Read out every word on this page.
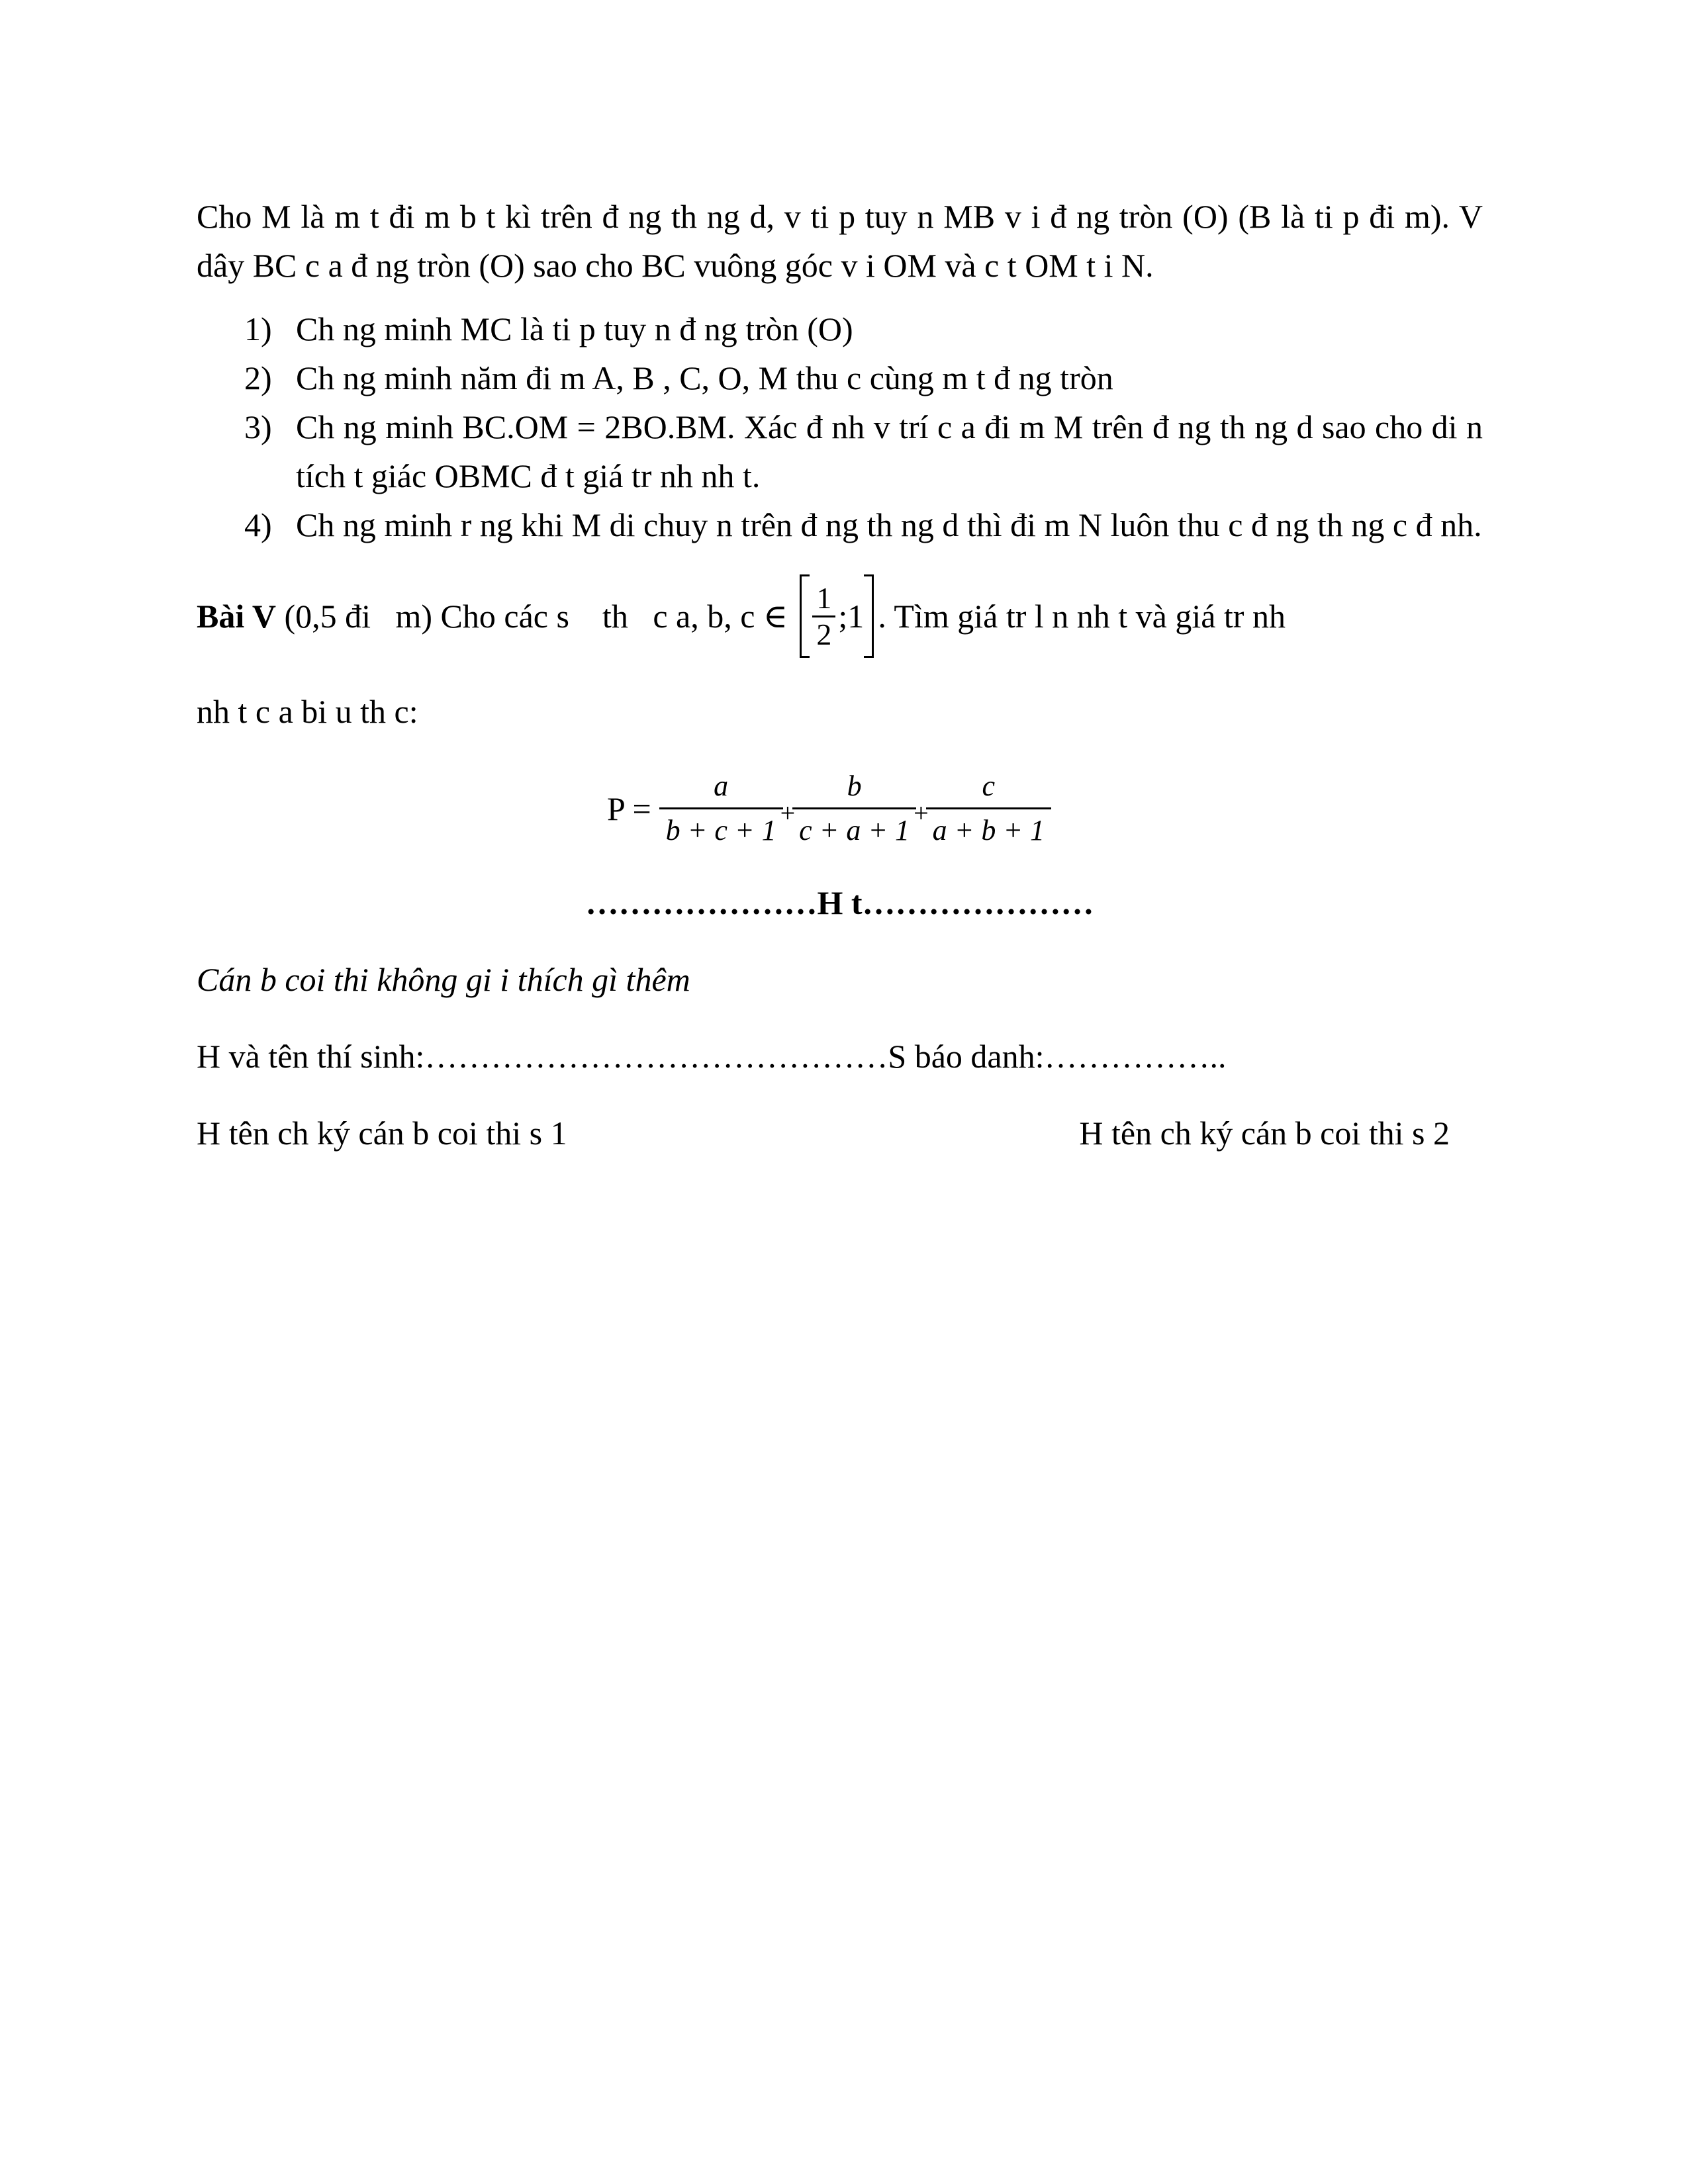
Cho M là m t đi m b t kì trên đ ng th ng d, v ti p tuy n MB v i đ ng tròn (O) (B là ti p đi m). V dây BC c a đ ng tròn (O) sao cho BC vuông góc v i OM và c t OM t i N.

1) Ch ng minh MC là ti p tuy n đ ng tròn (O)
2) Ch ng minh năm đi m A, B , C, O, M thu c cùng m t đ ng tròn
3) Ch ng minh BC.OM = 2BO.BM. Xác đ nh v trí c a đi m M trên đ ng th ng d sao cho di n tích t giác OBMC đ t giá tr nh nh t.
4) Ch ng minh r ng khi M di chuy n trên đ ng th ng d thì đi m N luôn thu c đ ng th ng c đ nh.
Bài V (0,5 đi   m) Cho các s    th   c a, b, c ∈ $\frac{1}{2}$ ;1 . Tìm giá tr l n nh t và giá tr nh
nh t c a bi u th c:
$P = \frac{a}{b + c + 1} + \frac{b}{c + a + 1} + \frac{c}{a + b + 1}$
…………………H t…………………
Cán b coi thi không gi i thích gì thêm
H và tên thí sinh:……………………………………S báo danh:……………..
H tên ch ký cán b coi thi s 1	H tên ch ký cán b coi thi s 2
